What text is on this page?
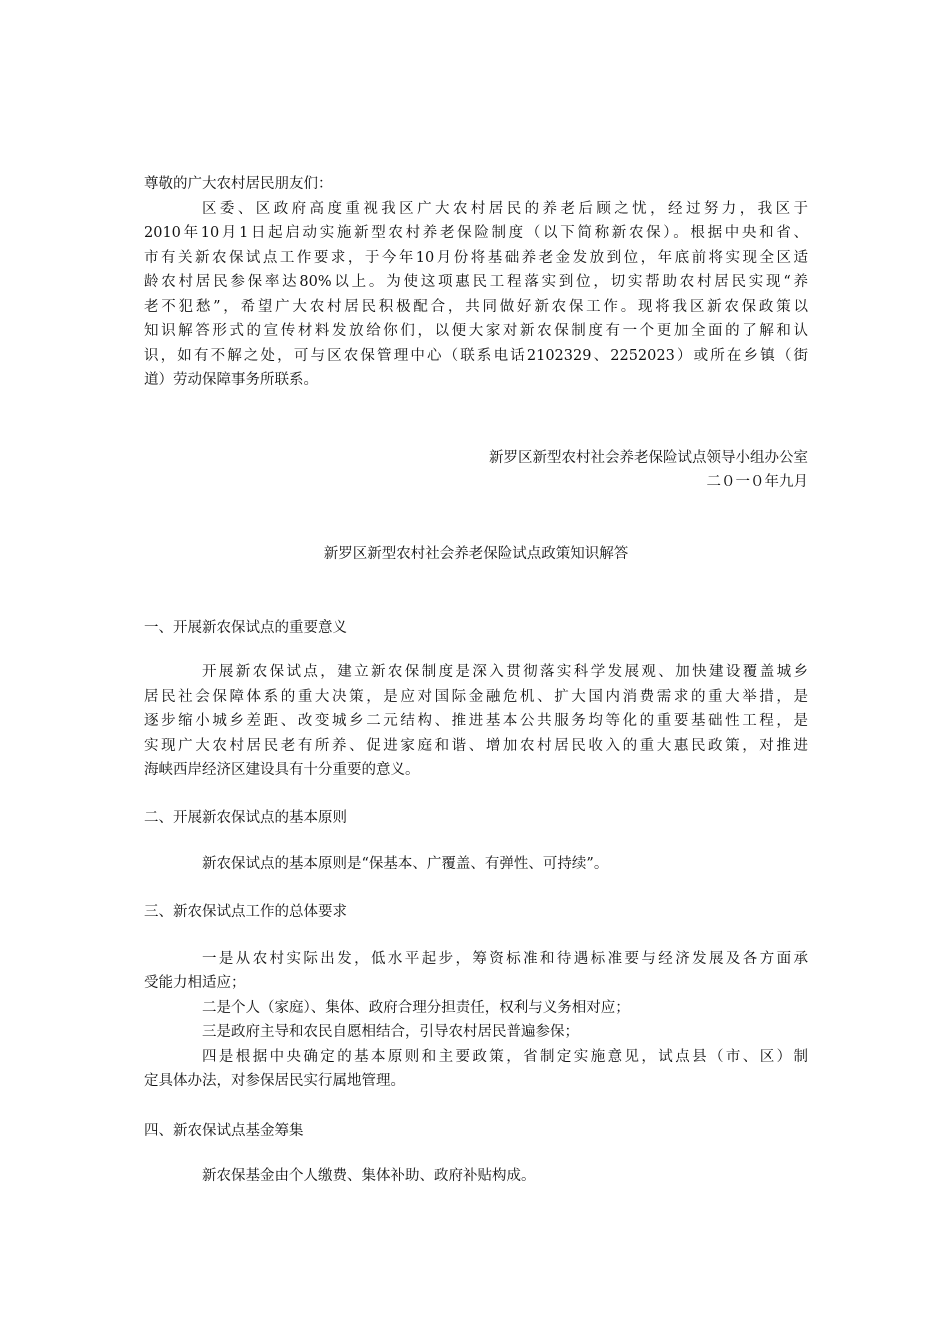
尊敬的广大农村居民朋友们：
区委、区政府高度重视我区广大农村居民的养老后顾之忧，经过努力，我区于
2010年10月1日起启动实施新型农村养老保险制度（以下简称新农保）。根据中央和省、
市有关新农保试点工作要求，于今年10月份将基础养老金发放到位，年底前将实现全区适
龄农村居民参保率达80%以上。为使这项惠民工程落实到位，切实帮助农村居民实现“养
老不犯愁”，希望广大农村居民积极配合，共同做好新农保工作。现将我区新农保政策以
知识解答形式的宣传材料发放给你们，以便大家对新农保制度有一个更加全面的了解和认
识，如有不解之处，可与区农保管理中心（联系电话2102329、2252023）或所在乡镇（街
道）劳动保障事务所联系。
新罗区新型农村社会养老保险试点领导小组办公室
二０一０年九月
新罗区新型农村社会养老保险试点政策知识解答
一、开展新农保试点的重要意义
开展新农保试点，建立新农保制度是深入贯彻落实科学发展观、加快建设覆盖城乡
居民社会保障体系的重大决策，是应对国际金融危机、扩大国内消费需求的重大举措，是
逐步缩小城乡差距、改变城乡二元结构、推进基本公共服务均等化的重要基础性工程，是
实现广大农村居民老有所养、促进家庭和谐、增加农村居民收入的重大惠民政策，对推进
海峡西岸经济区建设具有十分重要的意义。
二、开展新农保试点的基本原则
新农保试点的基本原则是“保基本、广覆盖、有弹性、可持续”。
三、新农保试点工作的总体要求
一是从农村实际出发，低水平起步，筹资标准和待遇标准要与经济发展及各方面承
受能力相适应；
二是个人（家庭）、集体、政府合理分担责任，权利与义务相对应；
三是政府主导和农民自愿相结合，引导农村居民普遍参保；
四是根据中央确定的基本原则和主要政策，省制定实施意见，试点县（市、区）制
定具体办法，对参保居民实行属地管理。
四、新农保试点基金筹集
新农保基金由个人缴费、集体补助、政府补贴构成。
